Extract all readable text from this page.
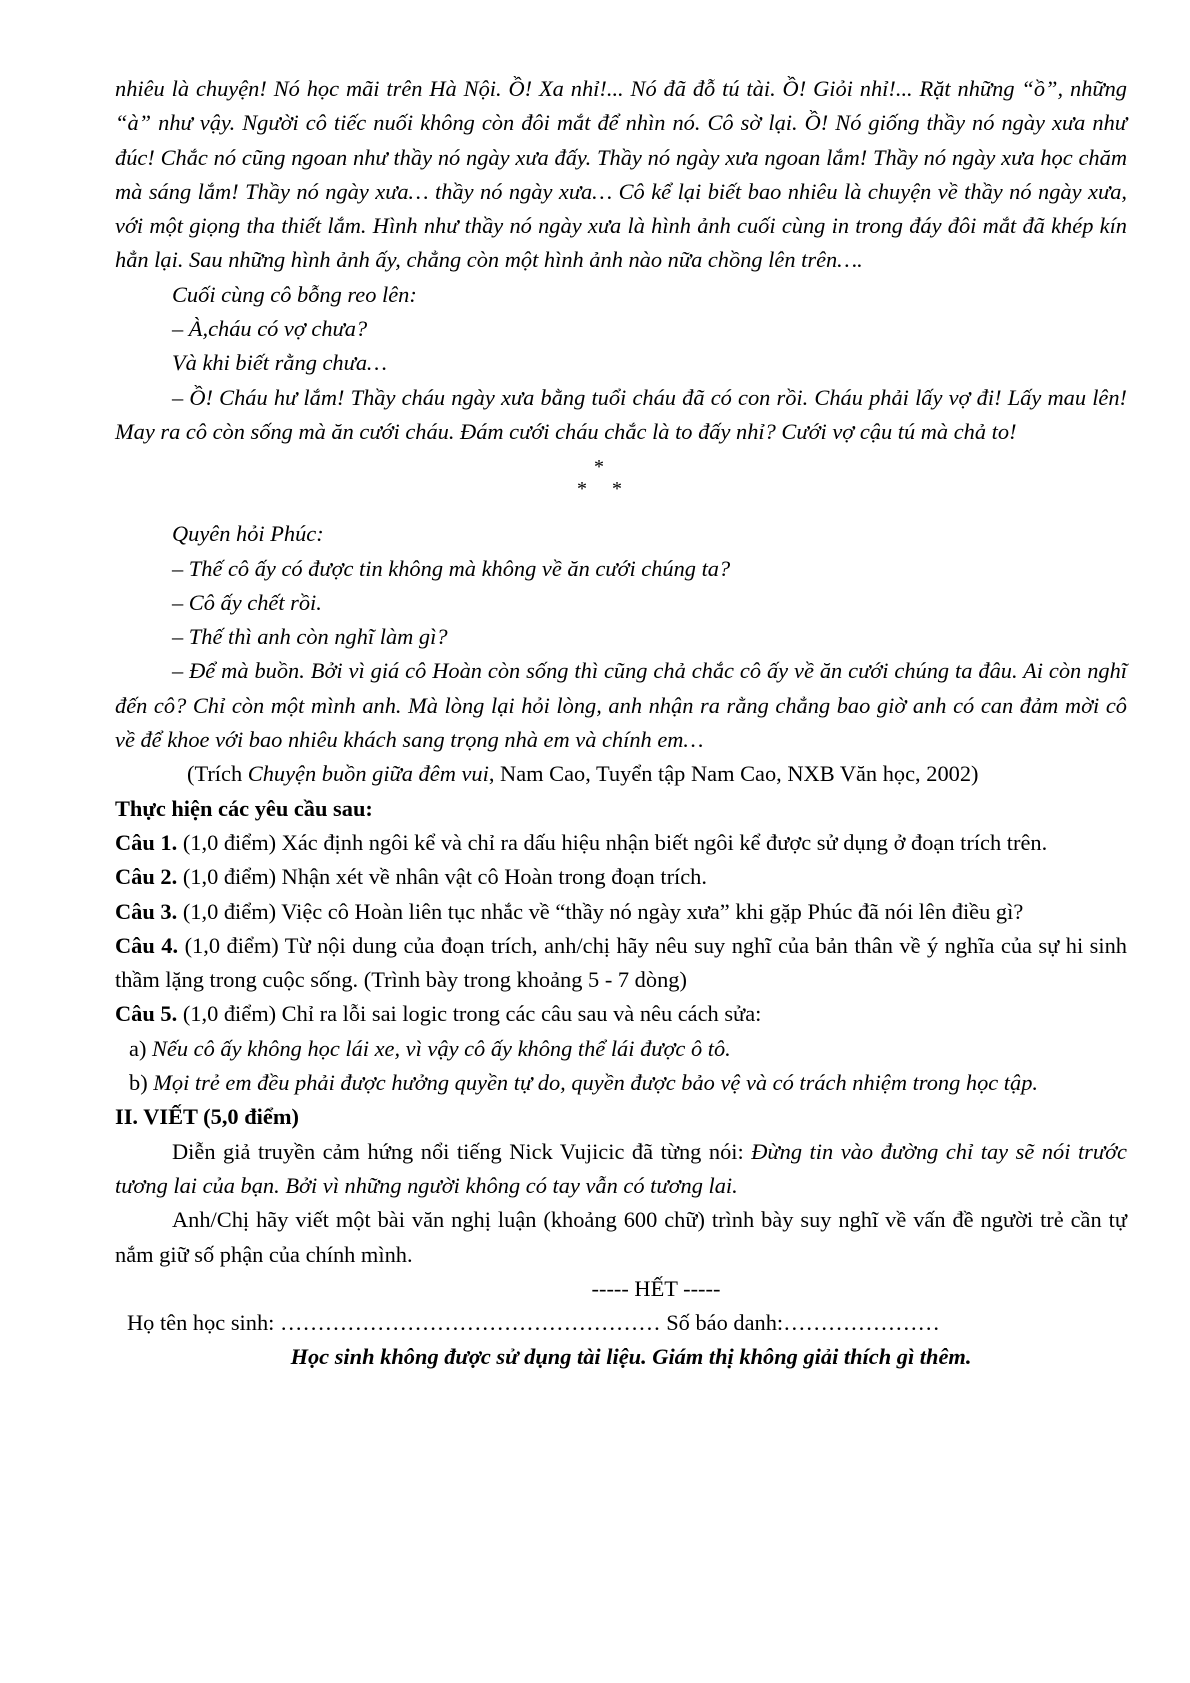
nhiêu là chuyện! Nó học mãi trên Hà Nội. Ồ! Xa nhỉ!... Nó đã đỗ tú tài. Ồ! Giỏi nhỉ!... Rặt những “ồ”, những “à” như vậy. Người cô tiếc nuối không còn đôi mắt để nhìn nó. Cô sờ lại. Ồ! Nó giống thầy nó ngày xưa như đúc! Chắc nó cũng ngoan như thầy nó ngày xưa đấy. Thầy nó ngày xưa ngoan lắm! Thầy nó ngày xưa học chăm mà sáng lắm! Thầy nó ngày xưa… thầy nó ngày xưa… Cô kể lại biết bao nhiêu là chuyện về thầy nó ngày xưa, với một giọng tha thiết lắm. Hình như thầy nó ngày xưa là hình ảnh cuối cùng in trong đáy đôi mắt đã khép kín hẳn lại. Sau những hình ảnh ấy, chẳng còn một hình ảnh nào nữa chồng lên trên….

Cuối cùng cô bỗng reo lên:

– À,cháu có vợ chưa?

Và khi biết rằng chưa…

– Ồ! Cháu hư lắm! Thầy cháu ngày xưa bằng tuổi cháu đã có con rồi. Cháu phải lấy vợ đi! Lấy mau lên! May ra cô còn sống mà ăn cưới cháu. Đám cưới cháu chắc là to đấy nhỉ? Cưới vợ cậu tú mà chả to!

*
* *

Quyên hỏi Phúc:

– Thế cô ấy có được tin không mà không về ăn cưới chúng ta?

– Cô ấy chết rồi.

– Thế thì anh còn nghĩ làm gì?

– Để mà buồn. Bởi vì giá cô Hoàn còn sống thì cũng chả chắc cô ấy về ăn cưới chúng ta đâu. Ai còn nghĩ đến cô? Chỉ còn một mình anh. Mà lòng lại hỏi lòng, anh nhận ra rằng chẳng bao giờ anh có can đảm mời cô về để khoe với bao nhiêu khách sang trọng nhà em và chính em…

(Trích Chuyện buồn giữa đêm vui, Nam Cao, Tuyển tập Nam Cao, NXB Văn học, 2002)

Thực hiện các yêu cầu sau:

Câu 1. (1,0 điểm) Xác định ngôi kể và chỉ ra dấu hiệu nhận biết ngôi kể được sử dụng ở đoạn trích trên.

Câu 2. (1,0 điểm) Nhận xét về nhân vật cô Hoàn trong đoạn trích.

Câu 3. (1,0 điểm) Việc cô Hoàn liên tục nhắc về “thầy nó ngày xưa” khi gặp Phúc đã nói lên điều gì?

Câu 4. (1,0 điểm) Từ nội dung của đoạn trích, anh/chị hãy nêu suy nghĩ của bản thân về ý nghĩa của sự hi sinh thầm lặng trong cuộc sống. (Trình bày trong khoảng 5 - 7 dòng)

Câu 5. (1,0 điểm) Chỉ ra lỗi sai logic trong các câu sau và nêu cách sửa:

a) Nếu cô ấy không học lái xe, vì vậy cô ấy không thể lái được ô tô.

b) Mọi trẻ em đều phải được hưởng quyền tự do, quyền được bảo vệ và có trách nhiệm trong học tập.

II. VIẾT (5,0 điểm)

Diễn giả truyền cảm hứng nổi tiếng Nick Vujicic đã từng nói: Đừng tin vào đường chỉ tay sẽ nói trước tương lai của bạn. Bởi vì những người không có tay vẫn có tương lai.

Anh/Chị hãy viết một bài văn nghị luận (khoảng 600 chữ) trình bày suy nghĩ về vấn đề người trẻ cần tự nắm giữ số phận của chính mình.

----- HẾT -----

Họ tên học sinh: …………………………………………… Số báo danh:…………………

Học sinh không được sử dụng tài liệu. Giám thị không giải thích gì thêm.
